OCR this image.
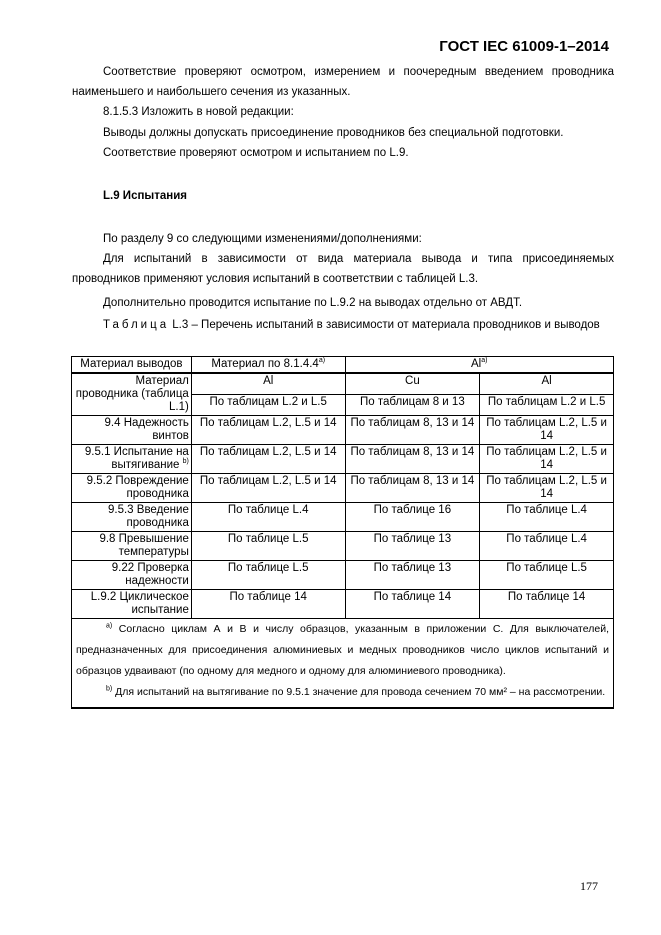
ГОСТ IEC 61009-1–2014

Соответствие проверяют осмотром, измерением и поочередным введением проводника наименьшего и наибольшего сечения из указанных.

8.1.5.3 Изложить в новой редакции:

Выводы должны допускать присоединение проводников без специальной подготовки.

Соответствие проверяют осмотром и испытанием по L.9.

L.9 Испытания

По разделу 9 со следующими изменениями/дополнениями:

Для испытаний в зависимости от вида материала вывода и типа присоединяемых проводников применяют условия испытаний в соответствии с таблицей L.3.

Дополнительно проводится испытание по L.9.2 на выводах отдельно от АВДТ.

Таблица L.3 – Перечень испытаний в зависимости от материала проводников и выводов

Материал выводов	Материал по 8.1.4.4$^{a)}$	Al$^{a)}$
Материал проводника (таблица L.1)	Al	Cu	Al
	По таблицам L.2 и L.5	По таблицам 8 и 13	По таблицам L.2 и L.5
9.4 Надежность винтов	По таблицам L.2, L.5 и 14	По таблицам 8, 13 и 14	По таблицам L.2, L.5 и 14
9.5.1 Испытание на вытягивание $^{b)}$	По таблицам L.2, L.5 и 14	По таблицам 8, 13 и 14	По таблицам L.2, L.5 и 14
9.5.2 Повреждение проводника	По таблицам L.2, L.5 и 14	По таблицам 8, 13 и 14	По таблицам L.2, L.5 и 14
9.5.3 Введение проводника	По таблице L.4	По таблице 16	По таблице L.4
9.8 Превышение температуры	По таблице L.5	По таблице 13	По таблице L.4
9.22 Проверка надежности	По таблице L.5	По таблице 13	По таблице L.5
L.9.2 Циклическое испытание	По таблице 14	По таблице 14	По таблице 14

$^{a)}$ Согласно циклам А и В и числу образцов, указанным в приложении С. Для выключателей, предназначенных для присоединения алюминиевых и медных проводников число циклов испытаний и образцов удваивают (по одному для медного и одному для алюминиевого проводника).

$^{b)}$ Для испытаний на вытягивание по 9.5.1 значение для провода сечением 70 мм² – на рассмотрении.			

177
